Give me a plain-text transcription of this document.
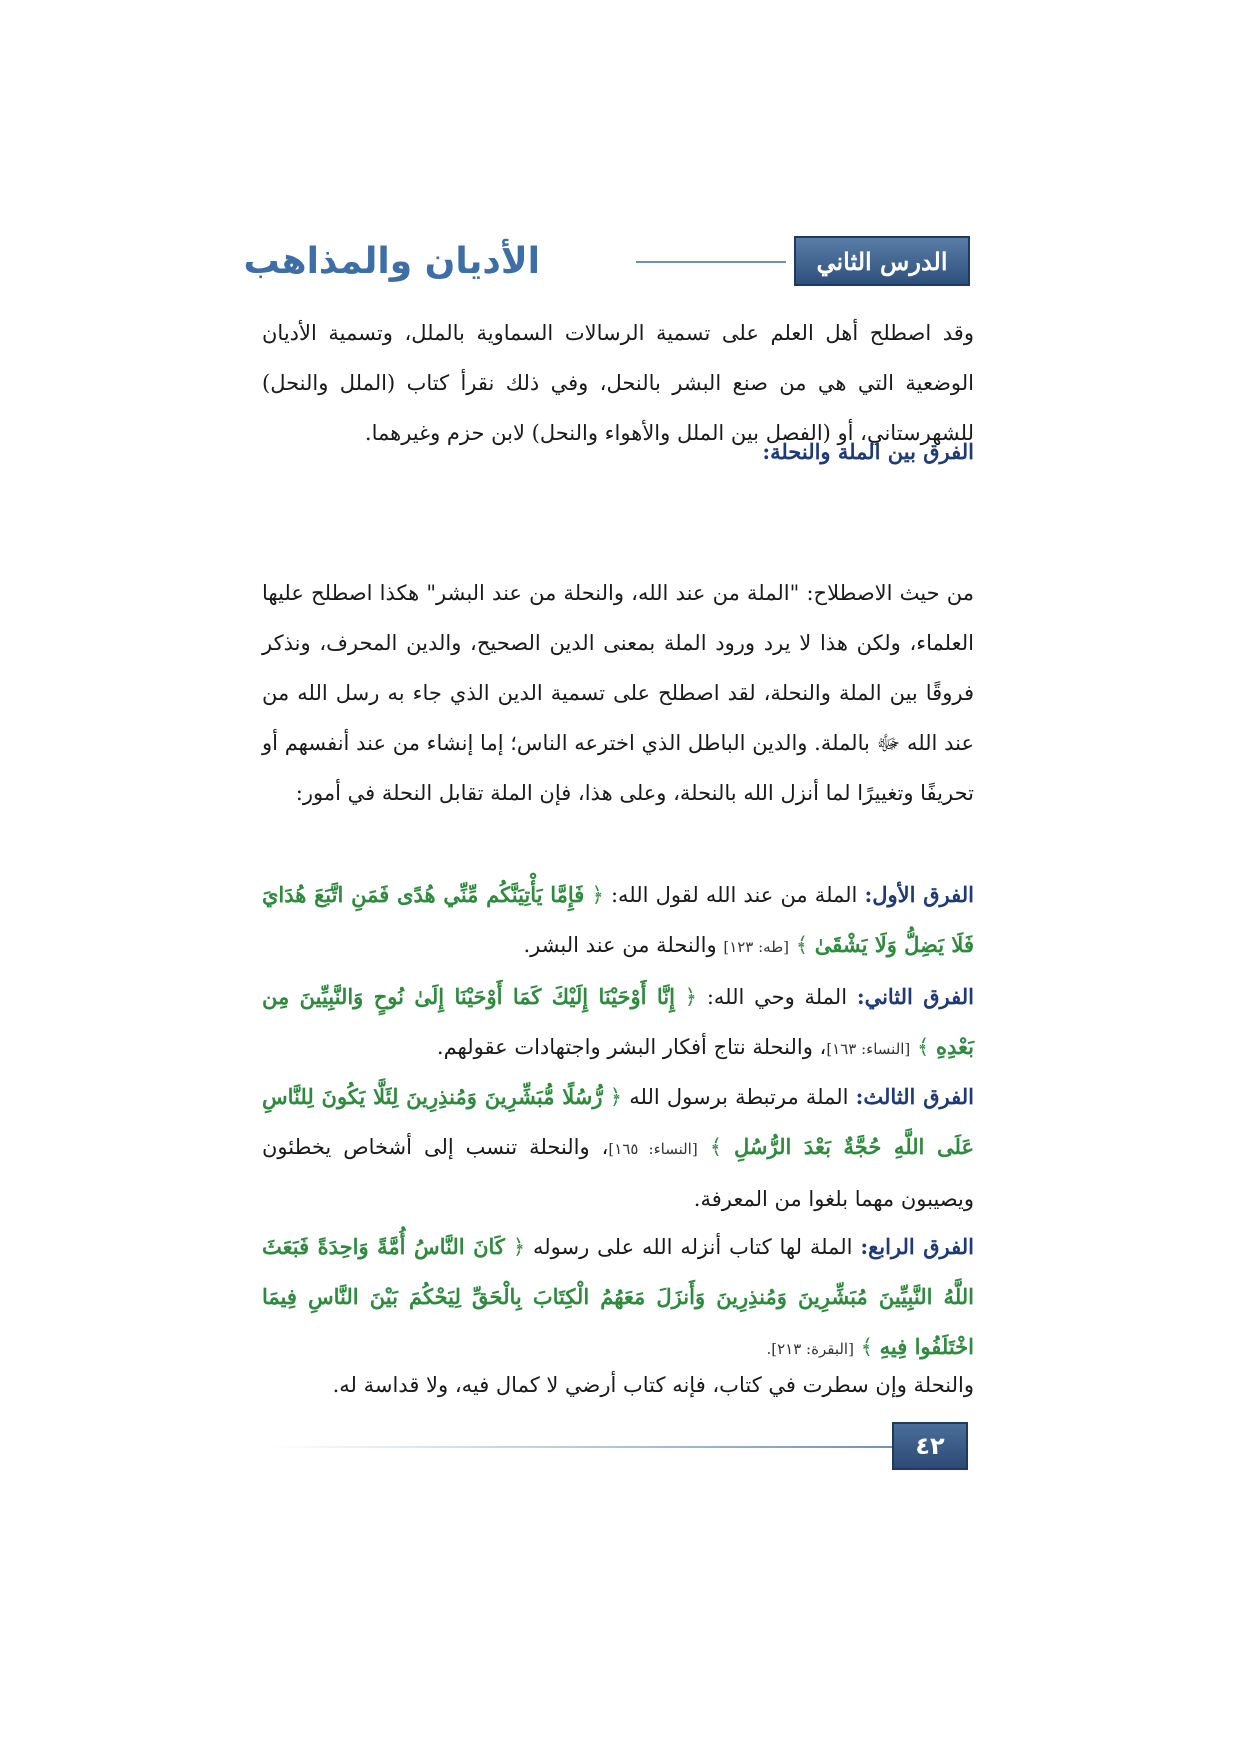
الدرس الثاني
الأديان والمذاهب

وقد اصطلح أهل العلم على تسمية الرسالات السماوية بالملل، وتسمية الأديان الوضعية التي هي من صنع البشر بالنحل، وفي ذلك نقرأ كتاب (الملل والنحل) للشهرستاني، أو (الفصل بين الملل والأهواء والنحل) لابن حزم وغيرهما.

الفرق بين الملة والنحلة:

من حيث الاصطلاح: "الملة من عند الله، والنحلة من عند البشر" هكذا اصطلح عليها العلماء، ولكن هذا لا يرد ورود الملة بمعنى الدين الصحيح، والدين المحرف، ونذكر فروقًا بين الملة والنحلة، لقد اصطلح على تسمية الدين الذي جاء به رسل الله من عند الله ﷻ بالملة. والدين الباطل الذي اخترعه الناس؛ إما إنشاء من عند أنفسهم أو تحريفًا وتغييرًا لما أنزل الله بالنحلة، وعلى هذا، فإن الملة تقابل النحلة في أمور:

الفرق الأول: الملة من عند الله لقول الله: ﴿ فَإِمَّا يَأْتِيَنَّكُم مِّنِّي هُدًى فَمَنِ اتَّبَعَ هُدَايَ فَلَا يَضِلُّ وَلَا يَشْقَىٰ ﴾ [طه: ١٢٣] والنحلة من عند البشر.

الفرق الثاني: الملة وحي الله: ﴿ إِنَّا أَوْحَيْنَا إِلَيْكَ كَمَا أَوْحَيْنَا إِلَىٰ نُوحٍ وَالنَّبِيِّينَ مِن بَعْدِهِ ﴾ [النساء: ١٦٣]، والنحلة نتاج أفكار البشر واجتهادات عقولهم.

الفرق الثالث: الملة مرتبطة برسول الله ﴿ رُّسُلًا مُّبَشِّرِينَ وَمُنذِرِينَ لِئَلَّا يَكُونَ لِلنَّاسِ عَلَى اللَّهِ حُجَّةٌ بَعْدَ الرُّسُلِ ﴾ [النساء: ١٦٥]، والنحلة تنسب إلى أشخاص يخطئون ويصيبون مهما بلغوا من المعرفة.

الفرق الرابع: الملة لها كتاب أنزله الله على رسوله ﴿ كَانَ النَّاسُ أُمَّةً وَاحِدَةً فَبَعَثَ اللَّهُ النَّبِيِّينَ مُبَشِّرِينَ وَمُنذِرِينَ وَأَنزَلَ مَعَهُمُ الْكِتَابَ بِالْحَقِّ لِيَحْكُمَ بَيْنَ النَّاسِ فِيمَا اخْتَلَفُوا فِيهِ ﴾ [البقرة: ٢١٣].

والنحلة وإن سطرت في كتاب، فإنه كتاب أرضي لا كمال فيه، ولا قداسة له.

٤٢
